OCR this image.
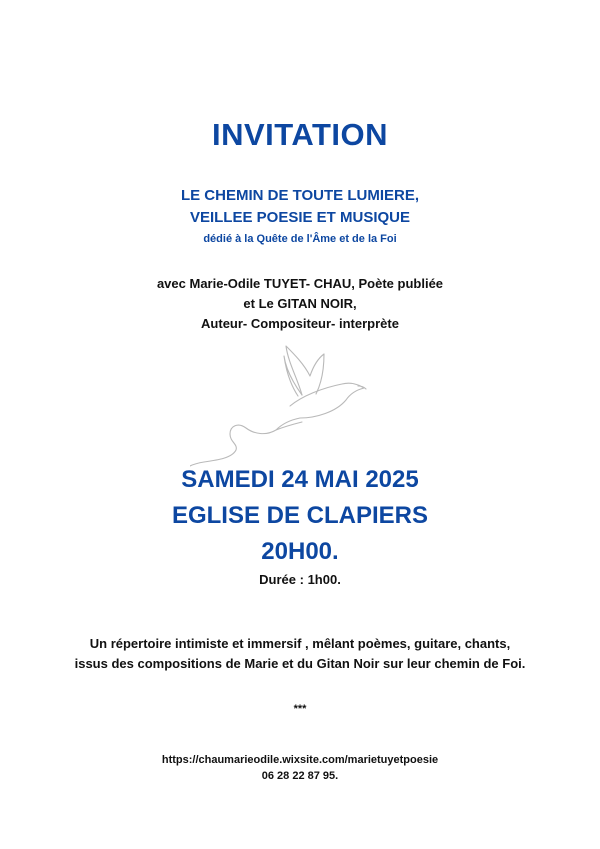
INVITATION
LE CHEMIN DE TOUTE LUMIERE,
VEILLEE POESIE ET MUSIQUE
dédié à la Quête de l'Âme et de la Foi
avec Marie-Odile TUYET- CHAU, Poète publiée
et Le GITAN NOIR,
Auteur- Compositeur- interprète
SAMEDI 24 MAI 2025
EGLISE DE CLAPIERS
20H00.
Durée : 1h00.
Un répertoire intimiste et immersif , mêlant poèmes, guitare, chants,
issus des compositions de Marie et du Gitan Noir sur leur chemin de Foi.
***
https://chaumarieodile.wixsite.com/marietuyetpoesie
06 28 22 87 95.
